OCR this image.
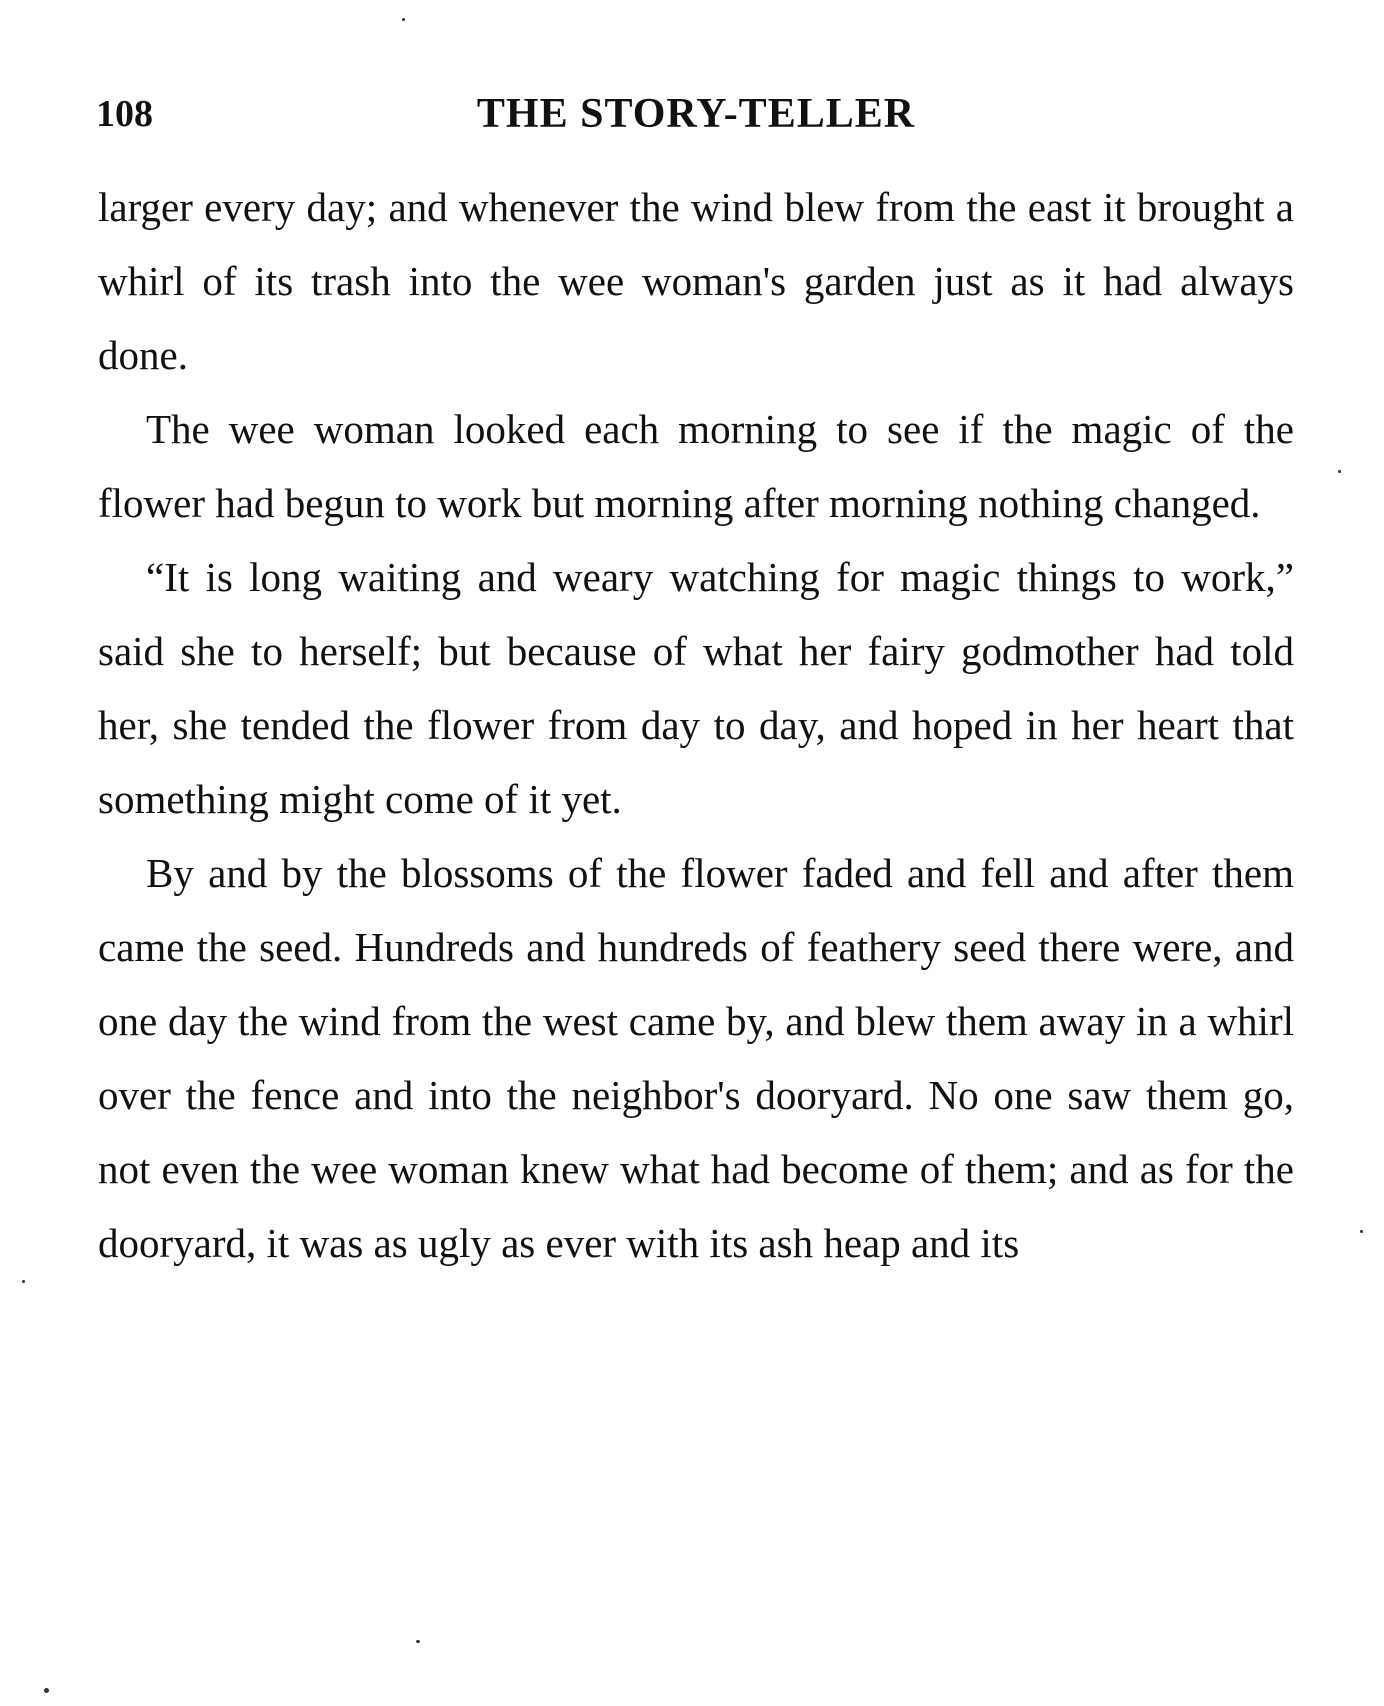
108	THE STORY-TELLER

larger every day; and whenever the wind blew from the east it brought a whirl of its trash into the wee woman's garden just as it had always done.

The wee woman looked each morning to see if the magic of the flower had begun to work but morning after morning nothing changed.

“It is long waiting and weary watching for magic things to work,” said she to herself; but because of what her fairy godmother had told her, she tended the flower from day to day, and hoped in her heart that something might come of it yet.

By and by the blossoms of the flower faded and fell and after them came the seed. Hundreds and hundreds of feathery seed there were, and one day the wind from the west came by, and blew them away in a whirl over the fence and into the neighbor's dooryard. No one saw them go, not even the wee woman knew what had become of them; and as for the dooryard, it was as ugly as ever with its ash heap and its
